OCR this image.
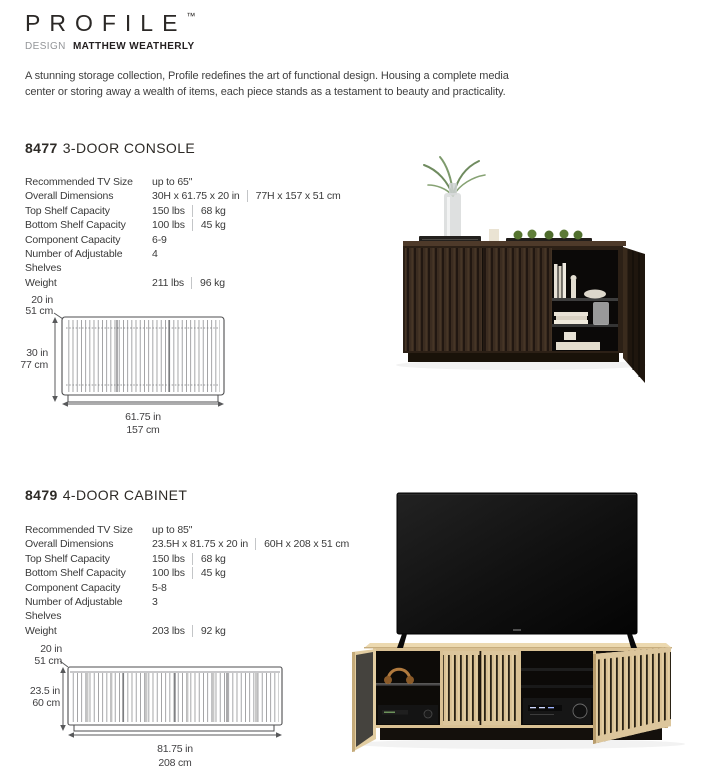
PROFILE™
DESIGN MATTHEW WEATHERLY
A stunning storage collection, Profile redefines the art of functional design. Housing a complete media
center or storing away a wealth of items, each piece stands as a testament to beauty and practicality.
8477 3-DOOR CONSOLE
Recommended TV Size	up to 65"
Overall Dimensions	30H x 61.75 x 20 in 77H x 157 x 51 cm
Top Shelf Capacity	150 lbs 68 kg
Bottom Shelf Capacity	100 lbs 45 kg
Component Capacity	6-9
Number of Adjustable Shelves
4
Weight	211 lbs 96 kg
20 in
51 cm
30 in
77 cm
61.75 in
157 cm
8479 4-DOOR CABINET
Recommended TV Size	up to 85"
Overall Dimensions	23.5H x 81.75 x 20 in 60H x 208 x 51 cm
Top Shelf Capacity	150 lbs 68 kg
Bottom Shelf Capacity	100 lbs 45 kg
Component Capacity	5-8
Number of Adjustable Shelves
3
Weight	203 lbs 92 kg
20 in
51 cm
23.5 in
60 cm
81.75 in
208 cm
